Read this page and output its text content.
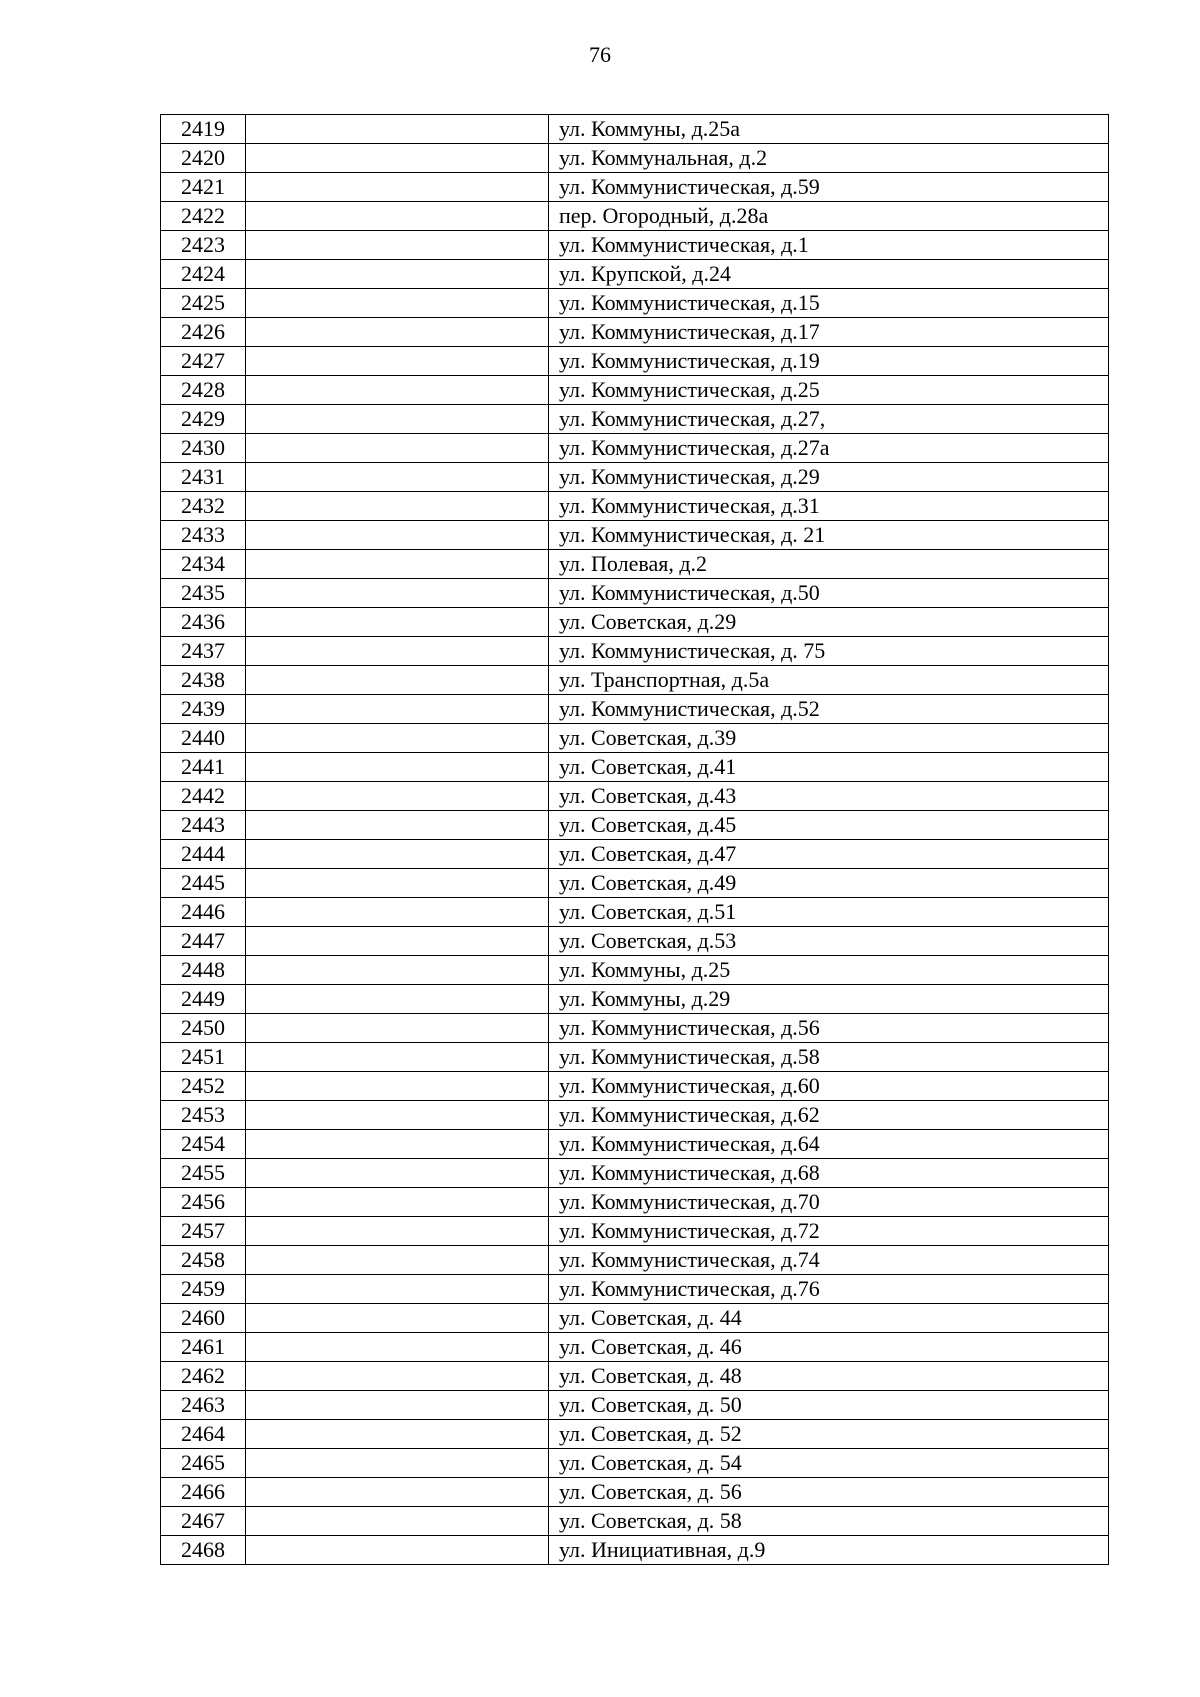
76
2419		ул. Коммуны, д.25а
2420		ул. Коммунальная, д.2
2421		ул. Коммунистическая, д.59
2422		пер. Огородный, д.28а
2423		ул. Коммунистическая, д.1
2424		ул. Крупской, д.24
2425		ул. Коммунистическая, д.15
2426		ул. Коммунистическая, д.17
2427		ул. Коммунистическая, д.19
2428		ул. Коммунистическая, д.25
2429		ул. Коммунистическая, д.27,
2430		ул. Коммунистическая, д.27а
2431		ул. Коммунистическая, д.29
2432		ул. Коммунистическая, д.31
2433		ул. Коммунистическая, д. 21
2434		ул. Полевая, д.2
2435		ул. Коммунистическая, д.50
2436		ул. Советская, д.29
2437		ул. Коммунистическая, д. 75
2438		ул. Транспортная, д.5а
2439		ул. Коммунистическая, д.52
2440		ул. Советская, д.39
2441		ул. Советская, д.41
2442		ул. Советская, д.43
2443		ул. Советская, д.45
2444		ул. Советская, д.47
2445		ул. Советская, д.49
2446		ул. Советская, д.51
2447		ул. Советская, д.53
2448		ул. Коммуны, д.25
2449		ул. Коммуны, д.29
2450		ул. Коммунистическая, д.56
2451		ул. Коммунистическая, д.58
2452		ул. Коммунистическая, д.60
2453		ул. Коммунистическая, д.62
2454		ул. Коммунистическая, д.64
2455		ул. Коммунистическая, д.68
2456		ул. Коммунистическая, д.70
2457		ул. Коммунистическая, д.72
2458		ул. Коммунистическая, д.74
2459		ул. Коммунистическая, д.76
2460		ул. Советская, д. 44
2461		ул. Советская, д. 46
2462		ул. Советская, д. 48
2463		ул. Советская, д. 50
2464		ул. Советская, д. 52
2465		ул. Советская, д. 54
2466		ул. Советская, д. 56
2467		ул. Советская, д. 58
2468		ул. Инициативная, д.9
